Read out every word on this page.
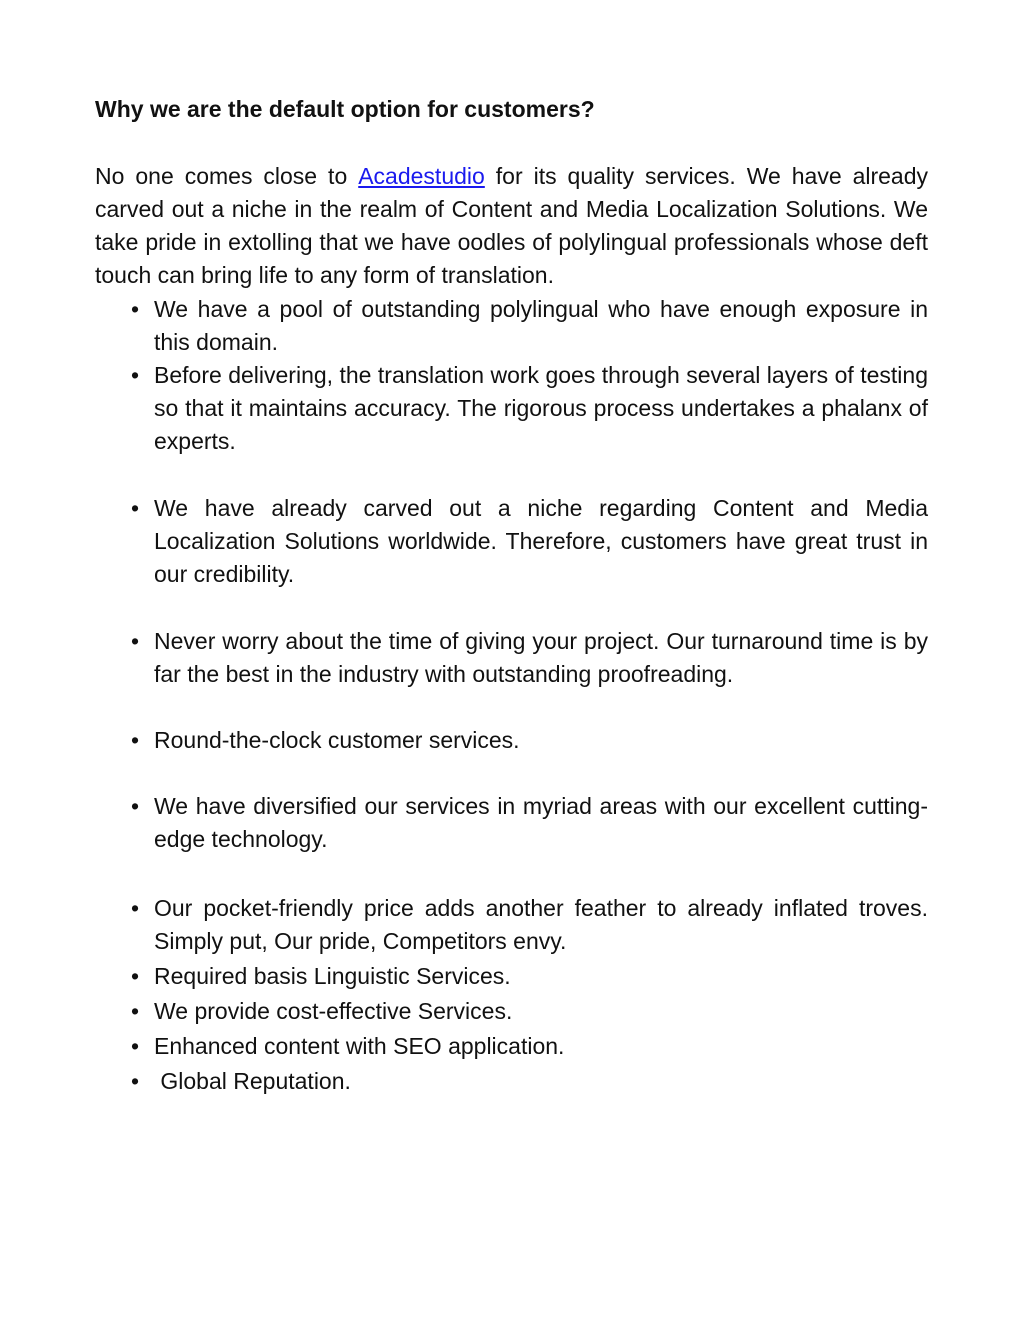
Why we are the default option for customers?

No one comes close to Acadestudio for its quality services. We have already carved out a niche in the realm of Content and Media Localization Solutions. We take pride in extolling that we have oodles of polylingual professionals whose deft touch can bring life to any form of translation.

• We have a pool of outstanding polylingual who have enough exposure in this domain.

• Before delivering, the translation work goes through several layers of testing so that it maintains accuracy. The rigorous process undertakes a phalanx of experts.

• We have already carved out a niche regarding Content and Media Localization Solutions worldwide. Therefore, customers have great trust in our credibility.

• Never worry about the time of giving your project. Our turnaround time is by far the best in the industry with outstanding proofreading.

• Round-the-clock customer services.

• We have diversified our services in myriad areas with our excellent cutting-edge technology.

• Our pocket-friendly price adds another feather to already inflated troves. Simply put, Our pride, Competitors envy.

• Required basis Linguistic Services.

• We provide cost-effective Services.

• Enhanced content with SEO application.

• Global Reputation.
